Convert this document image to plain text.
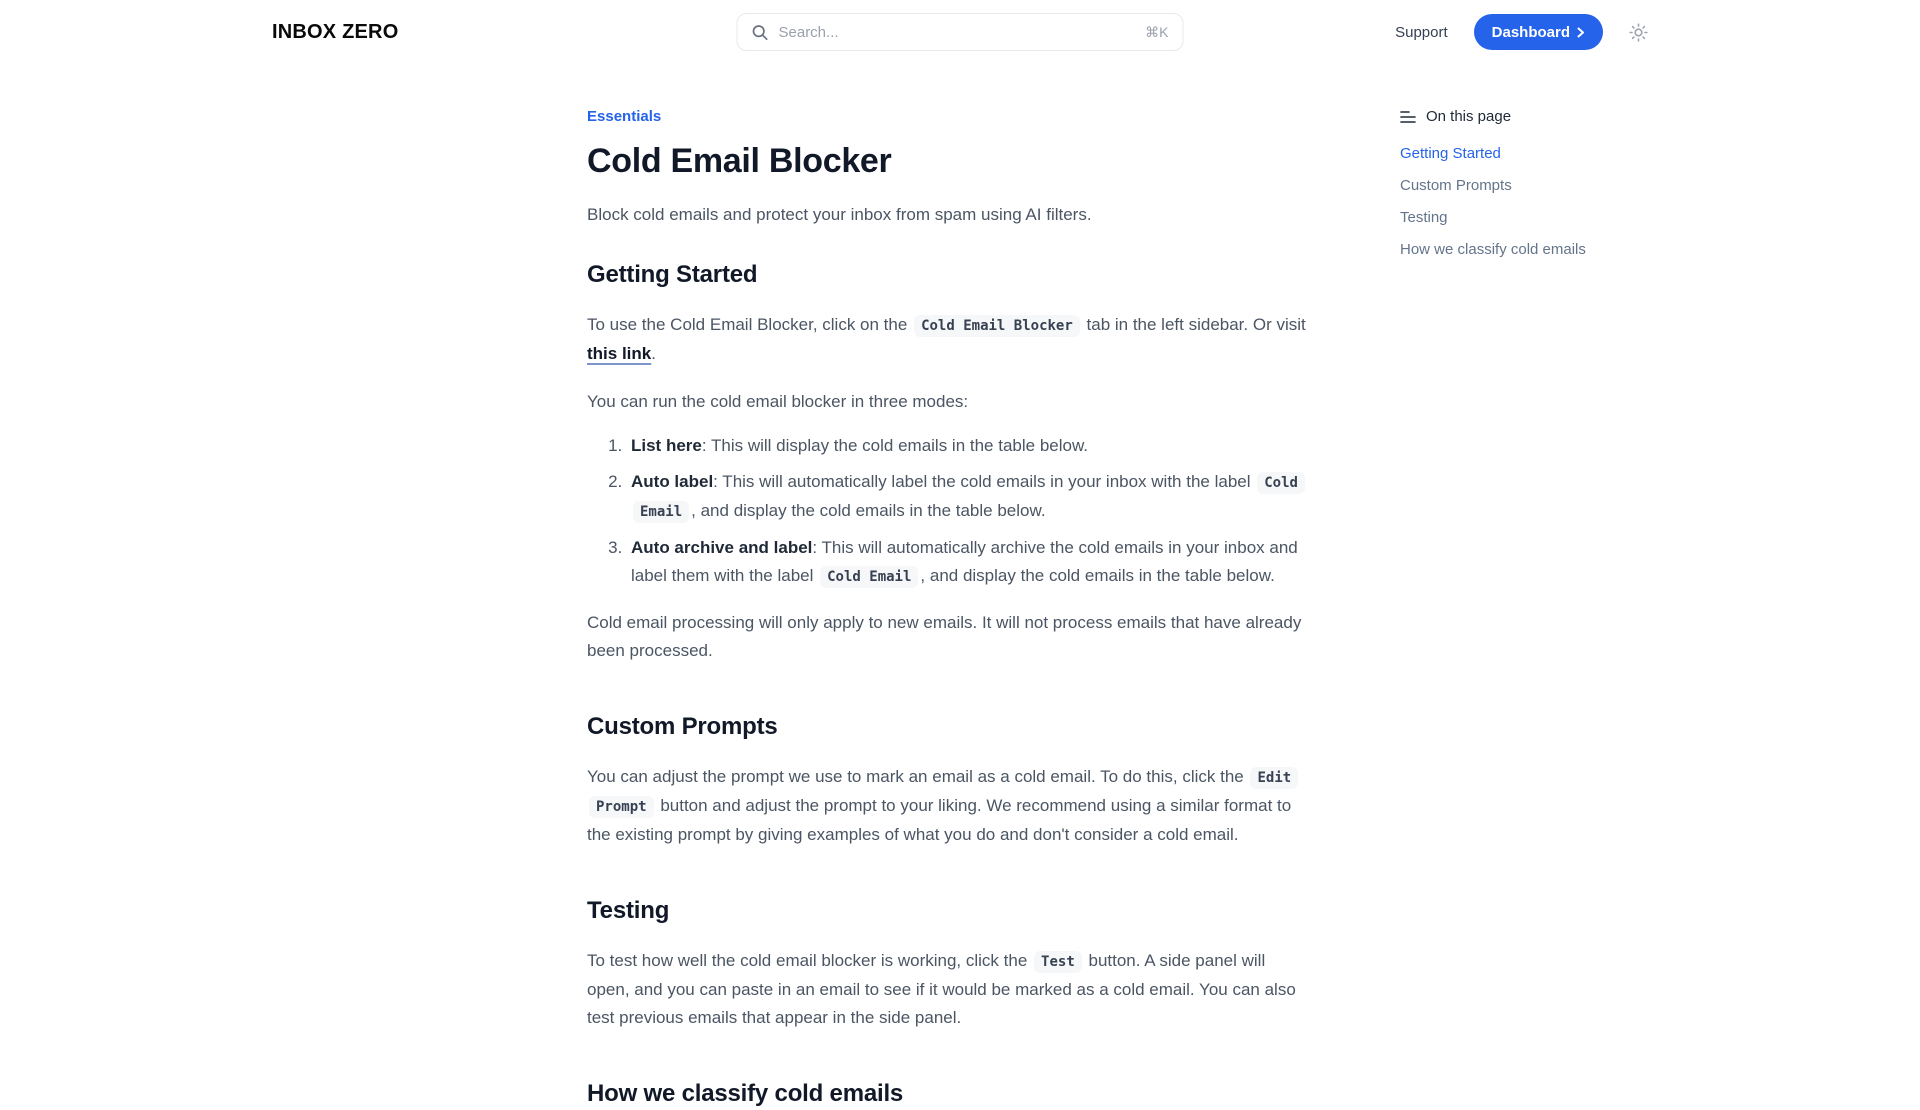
INBOX ZERO	Search...	⌘K	Support	Dashboard
Essentials
Cold Email Blocker

Block cold emails and protect your inbox from spam using AI filters.

Getting Started

To use the Cold Email Blocker, click on the Cold Email Blocker tab in the left sidebar. Or visit this link.

You can run the cold email blocker in three modes:

1. List here: This will display the cold emails in the table below.
2. Auto label: This will automatically label the cold emails in your inbox with the label Cold Email , and display the cold emails in the table below.
3. Auto archive and label: This will automatically archive the cold emails in your inbox and label them with the label Cold Email , and display the cold emails in the table below.

Cold email processing will only apply to new emails. It will not process emails that have already been processed.

Custom Prompts

You can adjust the prompt we use to mark an email as a cold email. To do this, click the Edit Prompt button and adjust the prompt to your liking. We recommend using a similar format to the existing prompt by giving examples of what you do and don't consider a cold email.

Testing

To test how well the cold email blocker is working, click the Test button. A side panel will open, and you can paste in an email to see if it would be marked as a cold email. You can also test previous emails that appear in the side panel.

How we classify cold emails
On this page
Getting Started
Custom Prompts
Testing
How we classify cold emails
